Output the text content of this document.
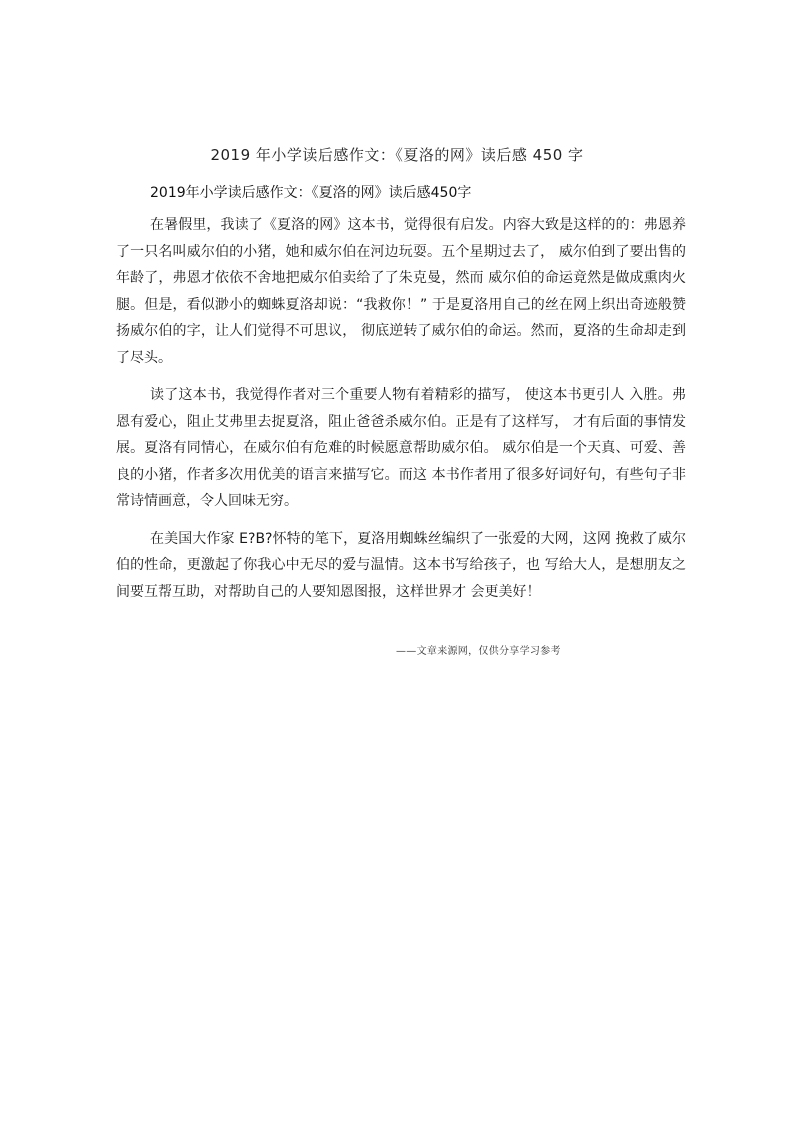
2019 年小学读后感作文：《夏洛的网》读后感 450 字
2019年小学读后感作文：《夏洛的网》读后感450字

在暑假里，我读了《夏洛的网》这本书，觉得很有启发。内容大致是这样的的：弗恩养了一只名叫威尔伯的小猪，她和威尔伯在河边玩耍。五个星期过去了， 威尔伯到了要出售的年龄了，弗恩才依依不舍地把威尔伯卖给了了朱克曼，然而 威尔伯的命运竟然是做成熏肉火腿。但是，看似渺小的蜘蛛夏洛却说：“我救你！” 于是夏洛用自己的丝在网上织出奇迹般赞扬威尔伯的字，让人们觉得不可思议， 彻底逆转了威尔伯的命运。然而，夏洛的生命却走到了尽头。

读了这本书，我觉得作者对三个重要人物有着精彩的描写， 使这本书更引人 入胜。弗恩有爱心，阻止艾弗里去捉夏洛，阻止爸爸杀威尔伯。正是有了这样写， 才有后面的事情发展。夏洛有同情心，在威尔伯有危难的时候愿意帮助威尔伯。 威尔伯是一个天真、可爱、善良的小猪，作者多次用优美的语言来描写它。而这 本书作者用了很多好词好句，有些句子非常诗情画意，令人回味无穷。

在美国大作家 E?B?怀特的笔下，夏洛用蜘蛛丝编织了一张爱的大网，这网 挽救了威尔伯的性命，更激起了你我心中无尽的爱与温情。这本书写给孩子，也 写给大人，是想朋友之间要互帮互助，对帮助自己的人要知恩图报，这样世界才 会更美好！

——文章来源网，仅供分享学习参考
